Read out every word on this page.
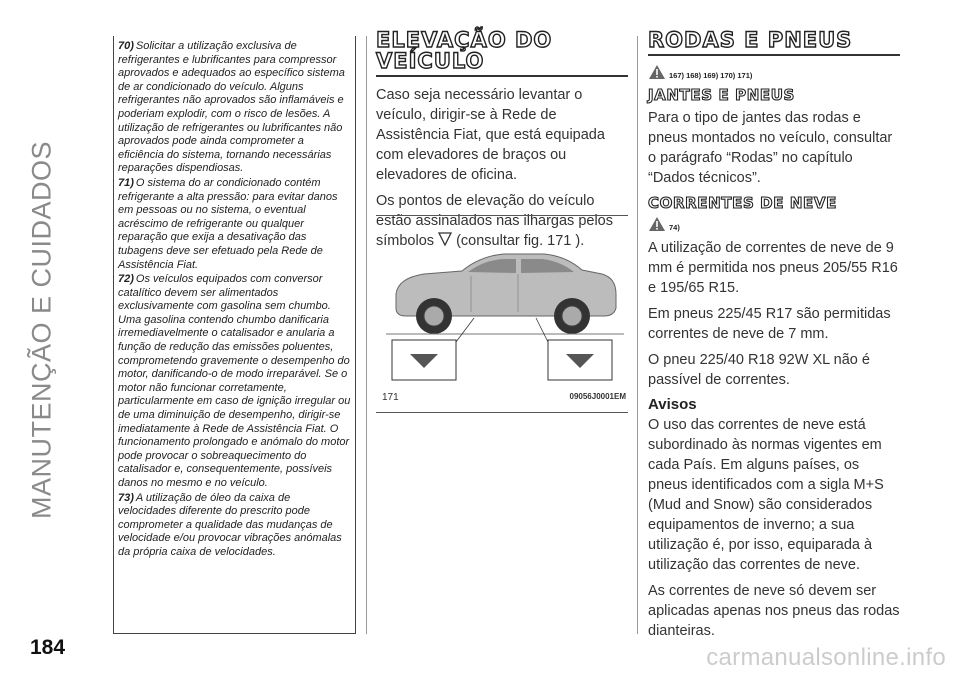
MANUTENÇÃO E CUIDADOS
184

70) Solicitar a utilização exclusiva de refrigerantes e lubrificantes para compressor aprovados e adequados ao específico sistema de ar condicionado do veículo. Alguns refrigerantes não aprovados são inflamáveis e poderiam explodir, com o risco de lesões. A utilização de refrigerantes ou lubrificantes não aprovados pode ainda comprometer a eficiência do sistema, tornando necessárias reparações dispendiosas.

71) O sistema do ar condicionado contém refrigerante a alta pressão: para evitar danos em pessoas ou no sistema, o eventual acréscimo de refrigerante ou qualquer reparação que exija a desativação das tubagens deve ser efetuado pela Rede de Assistência Fiat.

72) Os veículos equipados com conversor catalítico devem ser alimentados exclusivamente com gasolina sem chumbo. Uma gasolina contendo chumbo danificaria irremediavelmente o catalisador e anularia a função de redução das emissões poluentes, comprometendo gravemente o desempenho do motor, danificando-o de modo irreparável. Se o motor não funcionar corretamente, particularmente em caso de ignição irregular ou de uma diminuição de desempenho, dirigir-se imediatamente à Rede de Assistência Fiat. O funcionamento prolongado e anómalo do motor pode provocar o sobreaquecimento do catalisador e, consequentemente, possíveis danos no mesmo e no veículo.

73) A utilização de óleo da caixa de velocidades diferente do prescrito pode comprometer a qualidade das mudanças de velocidade e/ou provocar vibrações anómalas da própria caixa de velocidades.

ELEVAÇÃO DO
VEÍCULO

Caso seja necessário levantar o veículo, dirigir-se à Rede de Assistência Fiat, que está equipada com elevadores de braços ou elevadores de oficina.

Os pontos de elevação do veículo estão assinalados nas ilhargas pelos símbolos (consultar fig. 171 ).

171	09056J0001EM
RODAS E PNEUS
167) 168) 169) 170) 171)
JANTES E PNEUS

Para o tipo de jantes das rodas e pneus montados no veículo, consultar o parágrafo “Rodas” no capítulo “Dados técnicos”.

CORRENTES DE NEVE
74)

A utilização de correntes de neve de 9 mm é permitida nos pneus 205/55 R16 e 195/65 R15.

Em pneus 225/45 R17 são permitidas correntes de neve de 7 mm.

O pneu 225/40 R18 92W XL não é passível de correntes.

Avisos

O uso das correntes de neve está subordinado às normas vigentes em cada País. Em alguns países, os pneus identificados com a sigla M+S (Mud and Snow) são considerados equipamentos de inverno; a sua utilização é, por isso, equiparada à utilização das correntes de neve.

As correntes de neve só devem ser aplicadas apenas nos pneus das rodas dianteiras.

carmanualsonline.info
